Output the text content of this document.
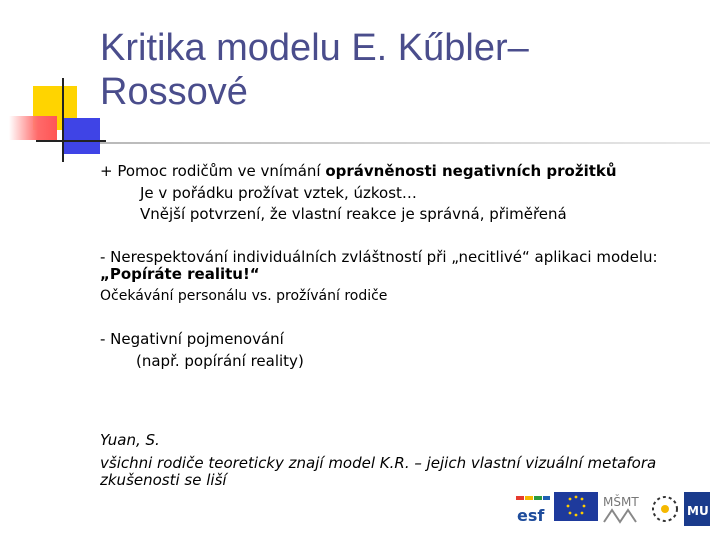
Kritika modelu E. Kűbler–
Rossové
+ Pomoc rodičům ve vnímání oprávněnosti negativních prožitků
Je v pořádku prožívat vztek, úzkost…
Vnější potvrzení, že vlastní reakce je správná, přiměřená
- Nerespektování individuálních zvláštností při „necitlivé“ aplikaci modelu:
„Popíráte realitu!“
Očekávání personálu vs. prožívání rodiče
- Negativní pojmenování
(např. popírání reality)
Yuan, S.
všichni rodiče teoreticky znají model K.R. – jejich vlastní vizuální metafora
zkušenosti se liší
esf
MŠMT
MU
